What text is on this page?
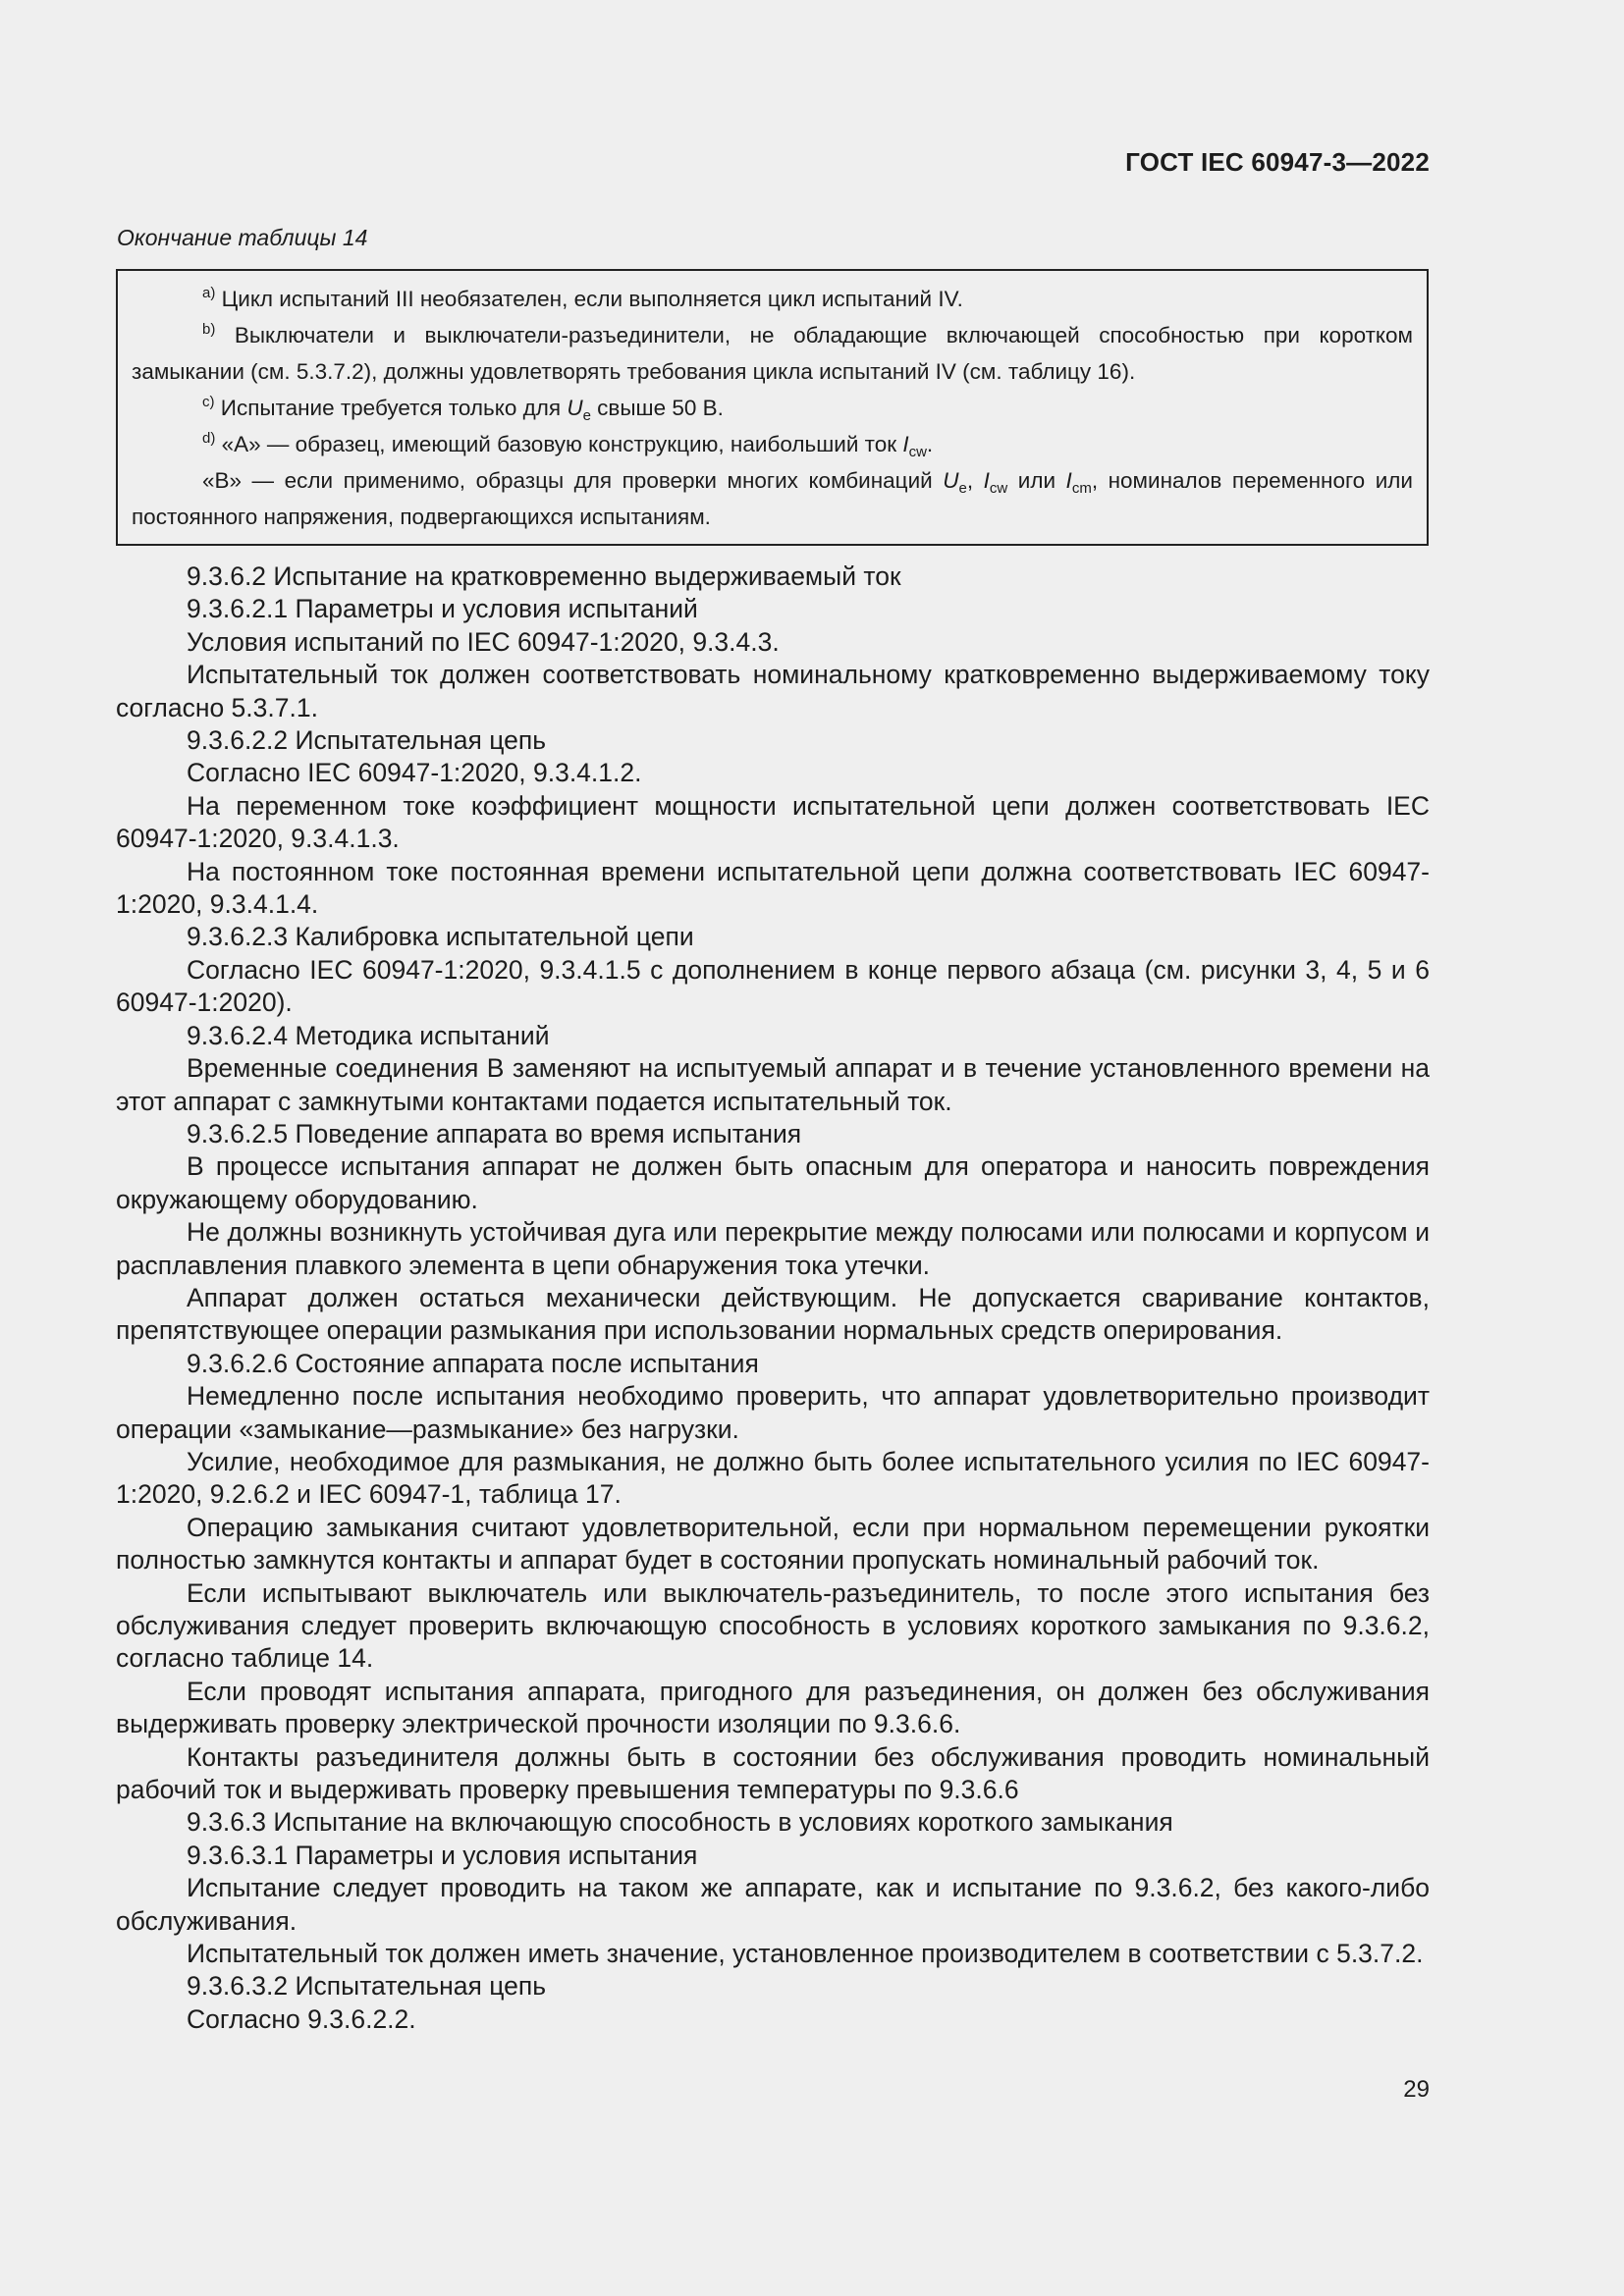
ГОСТ IEC 60947-3—2022
Окончание таблицы 14
$^{a)}$ Цикл испытаний III необязателен, если выполняется цикл испытаний IV.
$^{b)}$ Выключатели и выключатели-разъединители, не обладающие включающей способностью при коротком замыкании (см. 5.3.7.2), должны удовлетворять требования цикла испытаний IV (см. таблицу 16).
$^{c)}$ Испытание требуется только для $U_e$ свыше 50 В.
$^{d)}$ «А» — образец, имеющий базовую конструкцию, наибольший ток $I_{cw}$.
«В» — если применимо, образцы для проверки многих комбинаций $U_e$, $I_{cw}$ или $I_{cm}$, номиналов переменного или постоянного напряжения, подвергающихся испытаниям.

9.3.6.2 Испытание на кратковременно выдерживаемый ток

9.3.6.2.1 Параметры и условия испытаний

Условия испытаний по IEC 60947-1:2020, 9.3.4.3.

Испытательный ток должен соответствовать номинальному кратковременно выдерживаемому току согласно 5.3.7.1.

9.3.6.2.2 Испытательная цепь

Согласно IEC 60947-1:2020, 9.3.4.1.2.

На переменном токе коэффициент мощности испытательной цепи должен соответствовать IEC 60947-1:2020, 9.3.4.1.3.

На постоянном токе постоянная времени испытательной цепи должна соответствовать IEC 60947-1:2020, 9.3.4.1.4.

9.3.6.2.3 Калибровка испытательной цепи

Согласно IEC 60947-1:2020, 9.3.4.1.5 с дополнением в конце первого абзаца (см. рисунки 3, 4, 5 и 6 60947-1:2020).

9.3.6.2.4 Методика испытаний

Временные соединения В заменяют на испытуемый аппарат и в течение установленного времени на этот аппарат с замкнутыми контактами подается испытательный ток.

9.3.6.2.5 Поведение аппарата во время испытания

В процессе испытания аппарат не должен быть опасным для оператора и наносить повреждения окружающему оборудованию.

Не должны возникнуть устойчивая дуга или перекрытие между полюсами или полюсами и корпусом и расплавления плавкого элемента в цепи обнаружения тока утечки.

Аппарат должен остаться механически действующим. Не допускается сваривание контактов, препятствующее операции размыкания при использовании нормальных средств оперирования.

9.3.6.2.6 Состояние аппарата после испытания

Немедленно после испытания необходимо проверить, что аппарат удовлетворительно производит операции «замыкание—размыкание» без нагрузки.

Усилие, необходимое для размыкания, не должно быть более испытательного усилия по IEC 60947-1:2020, 9.2.6.2 и IEC 60947-1, таблица 17.

Операцию замыкания считают удовлетворительной, если при нормальном перемещении рукоятки полностью замкнутся контакты и аппарат будет в состоянии пропускать номинальный рабочий ток.

Если испытывают выключатель или выключатель-разъединитель, то после этого испытания без обслуживания следует проверить включающую способность в условиях короткого замыкания по 9.3.6.2, согласно таблице 14.

Если проводят испытания аппарата, пригодного для разъединения, он должен без обслуживания выдерживать проверку электрической прочности изоляции по 9.3.6.6.

Контакты разъединителя должны быть в состоянии без обслуживания проводить номинальный рабочий ток и выдерживать проверку превышения температуры по 9.3.6.6

9.3.6.3 Испытание на включающую способность в условиях короткого замыкания

9.3.6.3.1 Параметры и условия испытания

Испытание следует проводить на таком же аппарате, как и испытание по 9.3.6.2, без какого-либо обслуживания.

Испытательный ток должен иметь значение, установленное производителем в соответствии с 5.3.7.2.

9.3.6.3.2 Испытательная цепь

Согласно 9.3.6.2.2.

29
